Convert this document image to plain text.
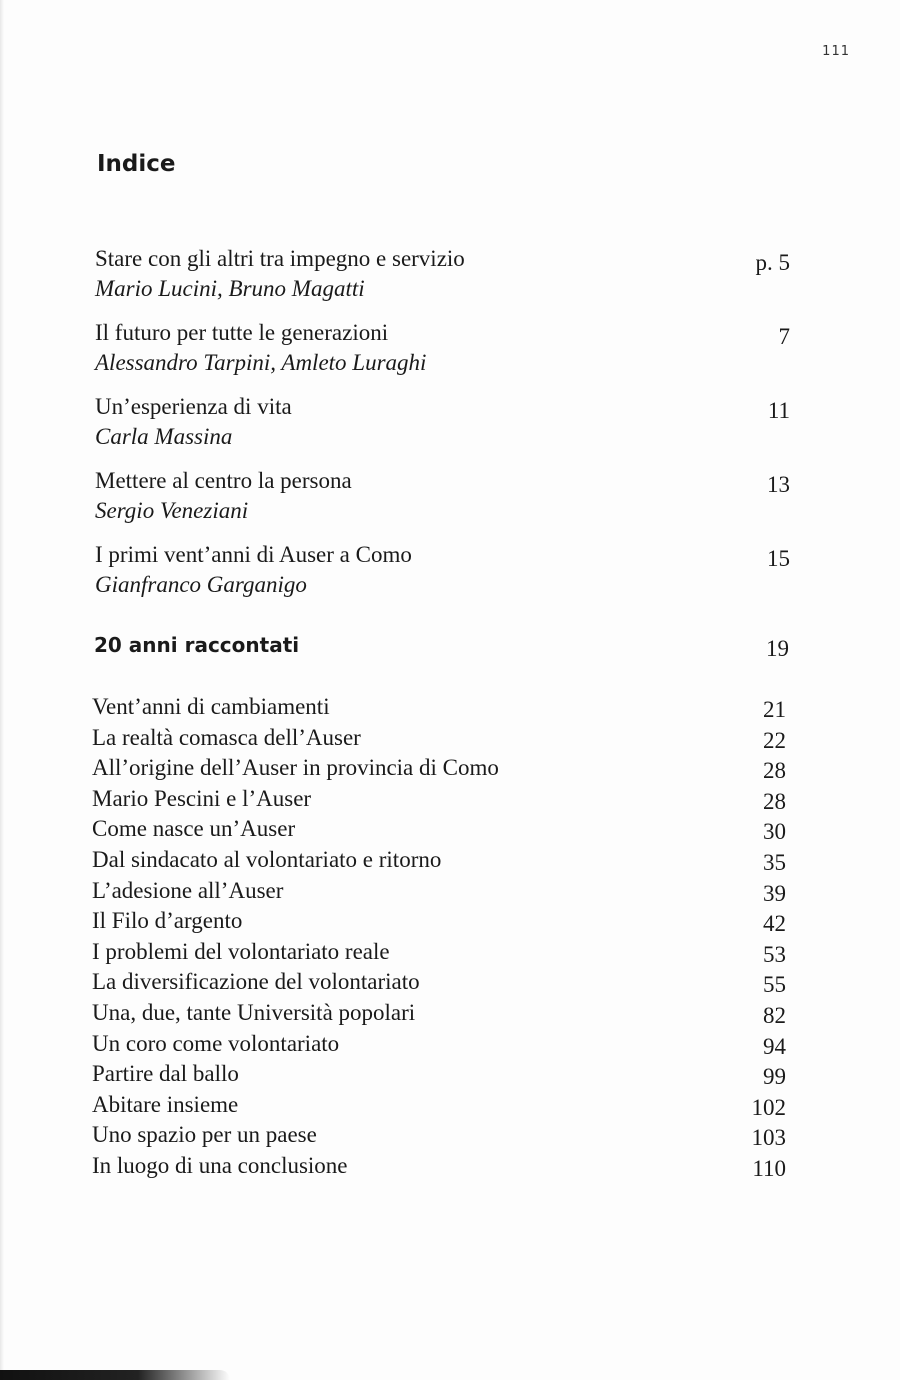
111
Indice
Stare con gli altri tra impegno e servizio
Mario Lucini, Bruno Magatti
p. 5
Il futuro per tutte le generazioni
Alessandro Tarpini, Amleto Luraghi
7
Un’esperienza di vita
Carla Massina
11
Mettere al centro la persona
Sergio Veneziani
13
I primi vent’anni di Auser a Como
Gianfranco Garganigo
15
20 anni raccontati	19
Vent’anni di cambiamenti	21
La realtà comasca dell’Auser	22
All’origine dell’Auser in provincia di Como	28
Mario Pescini e l’Auser	28
Come nasce un’Auser	30
Dal sindacato al volontariato e ritorno	35
L’adesione all’Auser	39
Il Filo d’argento	42
I problemi del volontariato reale	53
La diversificazione del volontariato	55
Una, due, tante Università popolari	82
Un coro come volontariato	94
Partire dal ballo	99
Abitare insieme	102
Uno spazio per un paese	103
In luogo di una conclusione	110
